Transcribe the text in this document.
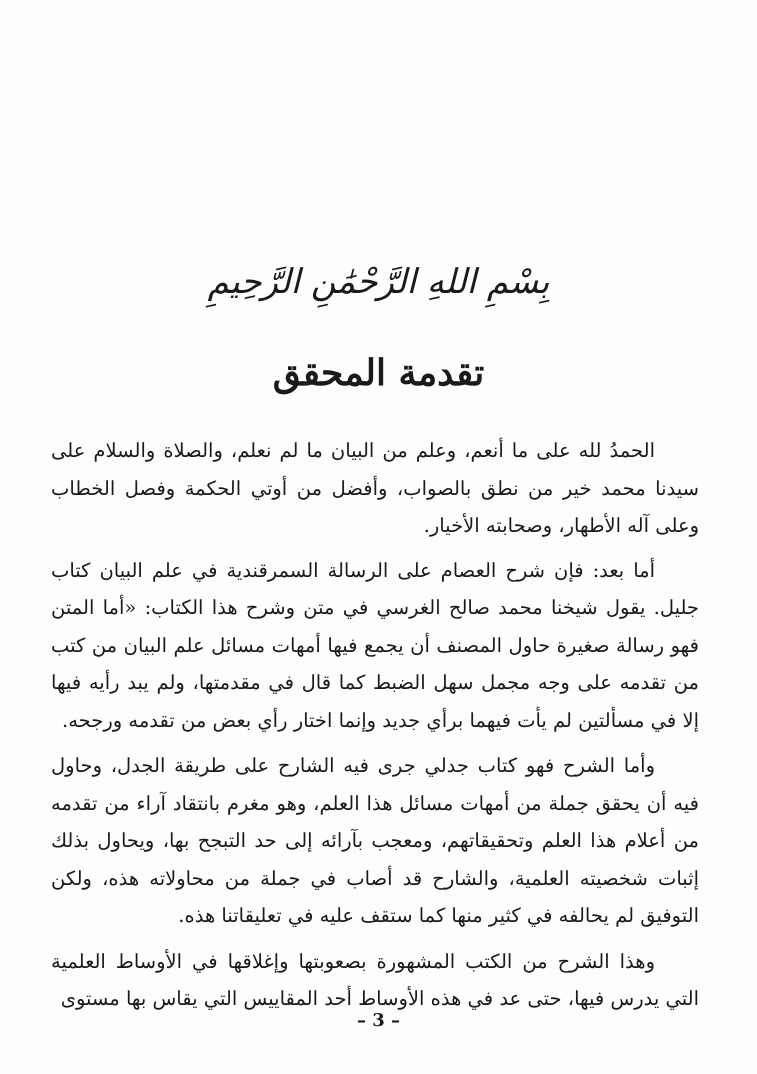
بِسْمِ اللهِ الرَّحْمَٰنِ الرَّحِيمِ
تقدمة المحقق

الحمدُ لله على ما أنعم، وعلم من البيان ما لم نعلم، والصلاة والسلام على سيدنا محمد خير من نطق بالصواب، وأفضل من أوتي الحكمة وفصل الخطاب وعلى آله الأطهار، وصحابته الأخيار.

أما بعد: فإن شرح العصام على الرسالة السمرقندية في علم البيان كتاب جليل. يقول شيخنا محمد صالح الغرسي في متن وشرح هذا الكتاب: «أما المتن فهو رسالة صغيرة حاول المصنف أن يجمع فيها أمهات مسائل علم البيان من كتب من تقدمه على وجه مجمل سهل الضبط كما قال في مقدمتها، ولم يبد رأيه فيها إلا في مسألتين لم يأت فيهما برأي جديد وإنما اختار رأي بعض من تقدمه ورجحه.

وأما الشرح فهو كتاب جدلي جرى فيه الشارح على طريقة الجدل، وحاول فيه أن يحقق جملة من أمهات مسائل هذا العلم، وهو مغرم بانتقاد آراء من تقدمه من أعلام هذا العلم وتحقيقاتهم، ومعجب بآرائه إلى حد التبجح بها، ويحاول بذلك إثبات شخصيته العلمية، والشارح قد أصاب في جملة من محاولاته هذه، ولكن التوفيق لم يحالفه في كثير منها كما ستقف عليه في تعليقاتنا هذه.

وهذا الشرح من الكتب المشهورة بصعوبتها وإغلاقها في الأوساط العلمية التي يدرس فيها، حتى عد في هذه الأوساط أحد المقاييس التي يقاس بها مستوى

– 3 –
